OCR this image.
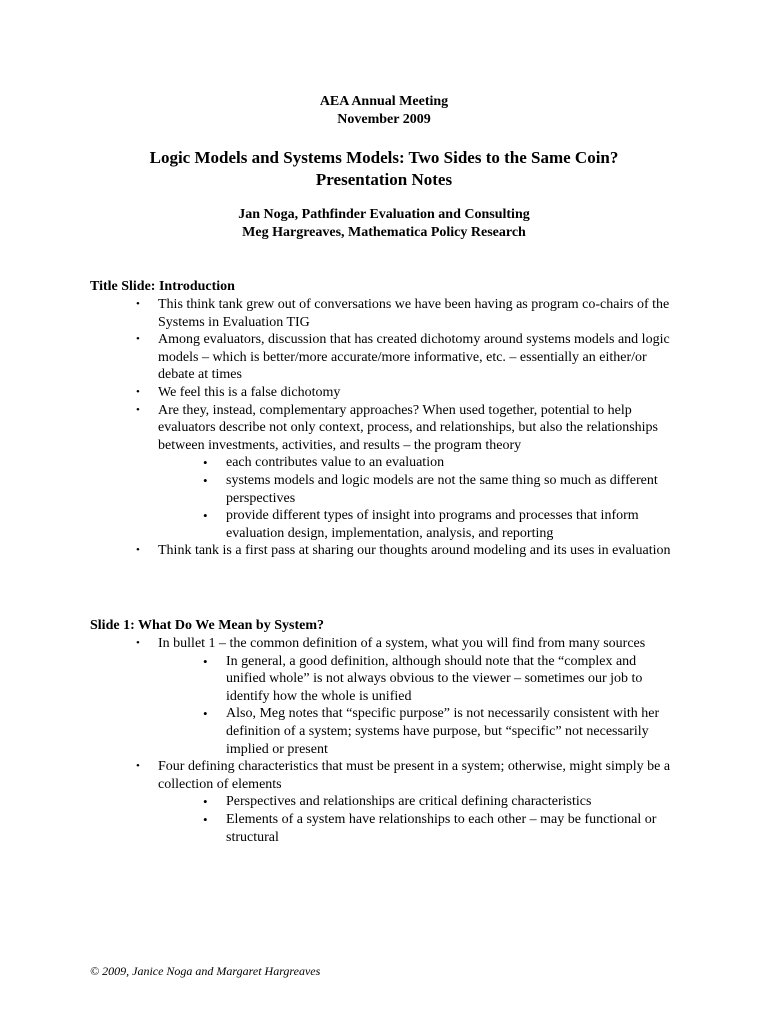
AEA Annual Meeting
November 2009
Logic Models and Systems Models: Two Sides to the Same Coin?
Presentation Notes
Jan Noga, Pathfinder Evaluation and Consulting
Meg Hargreaves, Mathematica Policy Research
Title Slide: Introduction
• This think tank grew out of conversations we have been having as program co-chairs of the Systems in Evaluation TIG
• Among evaluators, discussion that has created dichotomy around systems models and logic models – which is better/more accurate/more informative, etc. – essentially an either/or debate at times
• We feel this is a false dichotomy
• Are they, instead, complementary approaches? When used together, potential to help evaluators describe not only context, process, and relationships, but also the relationships between investments, activities, and results – the program theory
• each contributes value to an evaluation
• systems models and logic models are not the same thing so much as different perspectives
• provide different types of insight into programs and processes that inform evaluation design, implementation, analysis, and reporting
• Think tank is a first pass at sharing our thoughts around modeling and its uses in evaluation
Slide 1: What Do We Mean by System?
• In bullet 1 – the common definition of a system, what you will find from many sources
• In general, a good definition, although should note that the “complex and unified whole” is not always obvious to the viewer – sometimes our job to identify how the whole is unified
• Also, Meg notes that “specific purpose” is not necessarily consistent with her definition of a system; systems have purpose, but “specific” not necessarily implied or present
• Four defining characteristics that must be present in a system; otherwise, might simply be a collection of elements
• Perspectives and relationships are critical defining characteristics
• Elements of a system have relationships to each other – may be functional or structural
© 2009, Janice Noga and Margaret Hargreaves
